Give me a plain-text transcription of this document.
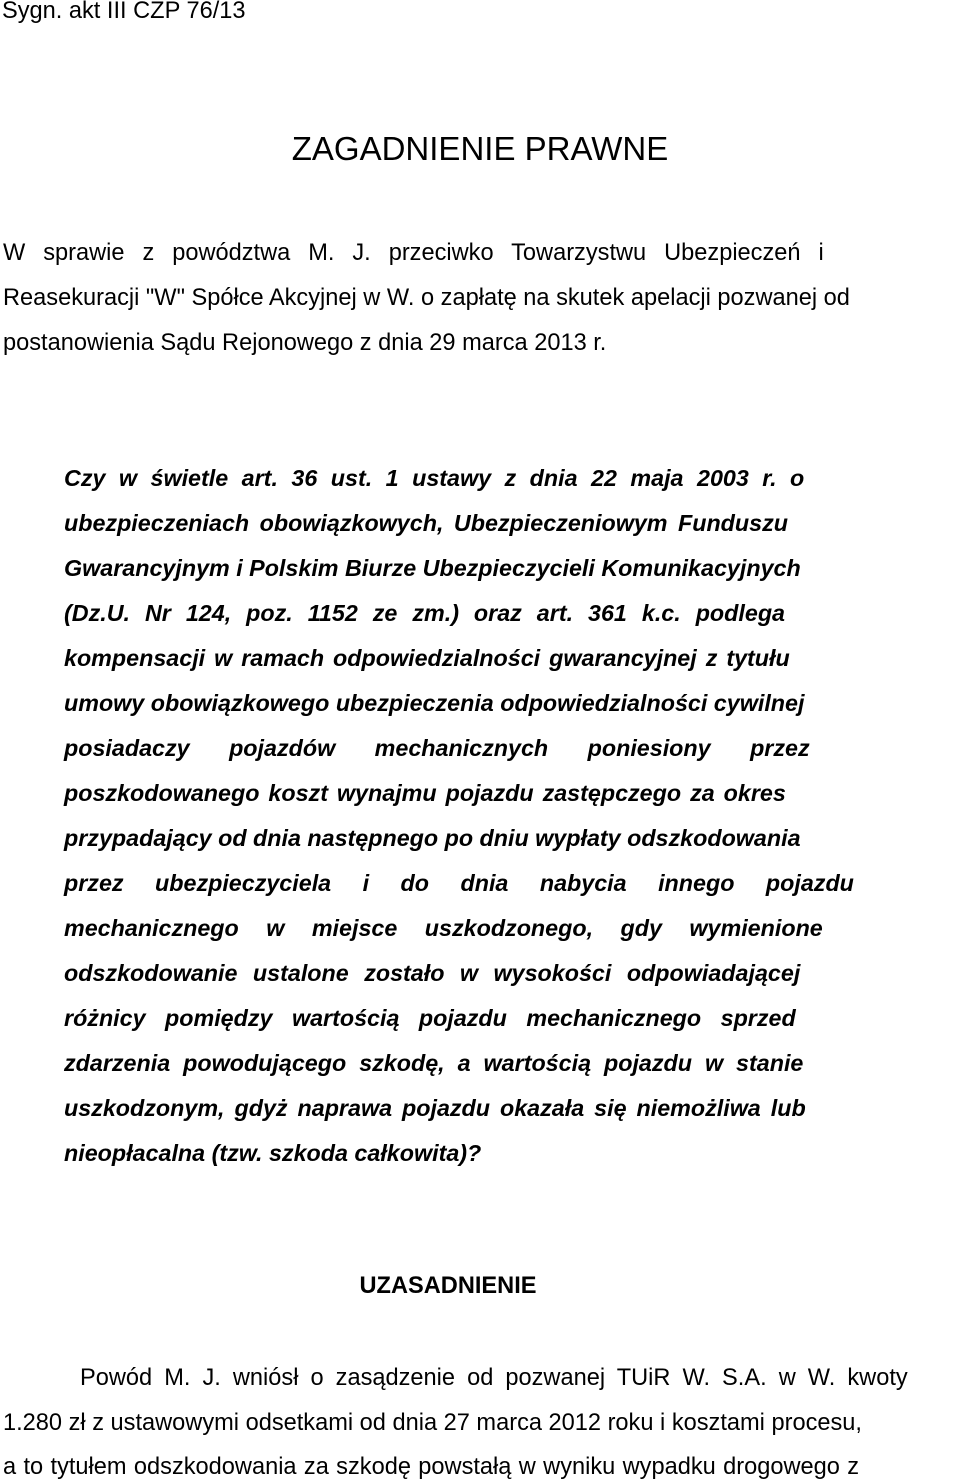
Sygn. akt III CZP 76/13
ZAGADNIENIE PRAWNE
W sprawie z powództwa M. J. przeciwko Towarzystwu Ubezpieczeń i
Reasekuracji "W" Spółce Akcyjnej w W. o zapłatę na skutek apelacji pozwanej od
postanowienia Sądu Rejonowego z dnia 29 marca 2013 r.
Czy w świetle art. 36 ust. 1 ustawy z dnia 22 maja 2003 r. o
ubezpieczeniach obowiązkowych, Ubezpieczeniowym Funduszu
Gwarancyjnym i Polskim Biurze Ubezpieczycieli Komunikacyjnych
(Dz.U. Nr 124, poz. 1152 ze zm.) oraz art. 361 k.c. podlega
kompensacji w ramach odpowiedzialności gwarancyjnej z tytułu
umowy obowiązkowego ubezpieczenia odpowiedzialności cywilnej
posiadaczy pojazdów mechanicznych poniesiony przez
poszkodowanego koszt wynajmu pojazdu zastępczego za okres
przypadający od dnia następnego po dniu wypłaty odszkodowania
przez ubezpieczyciela i do dnia nabycia innego pojazdu
mechanicznego w miejsce uszkodzonego, gdy wymienione
odszkodowanie ustalone zostało w wysokości odpowiadającej
różnicy pomiędzy wartością pojazdu mechanicznego sprzed
zdarzenia powodującego szkodę, a wartością pojazdu w stanie
uszkodzonym, gdyż naprawa pojazdu okazała się niemożliwa lub
nieopłacalna (tzw. szkoda całkowita)?
UZASADNIENIE
Powód M. J. wniósł o zasądzenie od pozwanej TUiR W. S.A. w W. kwoty
1.280 zł z ustawowymi odsetkami od dnia 27 marca 2012 roku i kosztami procesu,
a to tytułem odszkodowania za szkodę powstałą w wyniku wypadku drogowego z
